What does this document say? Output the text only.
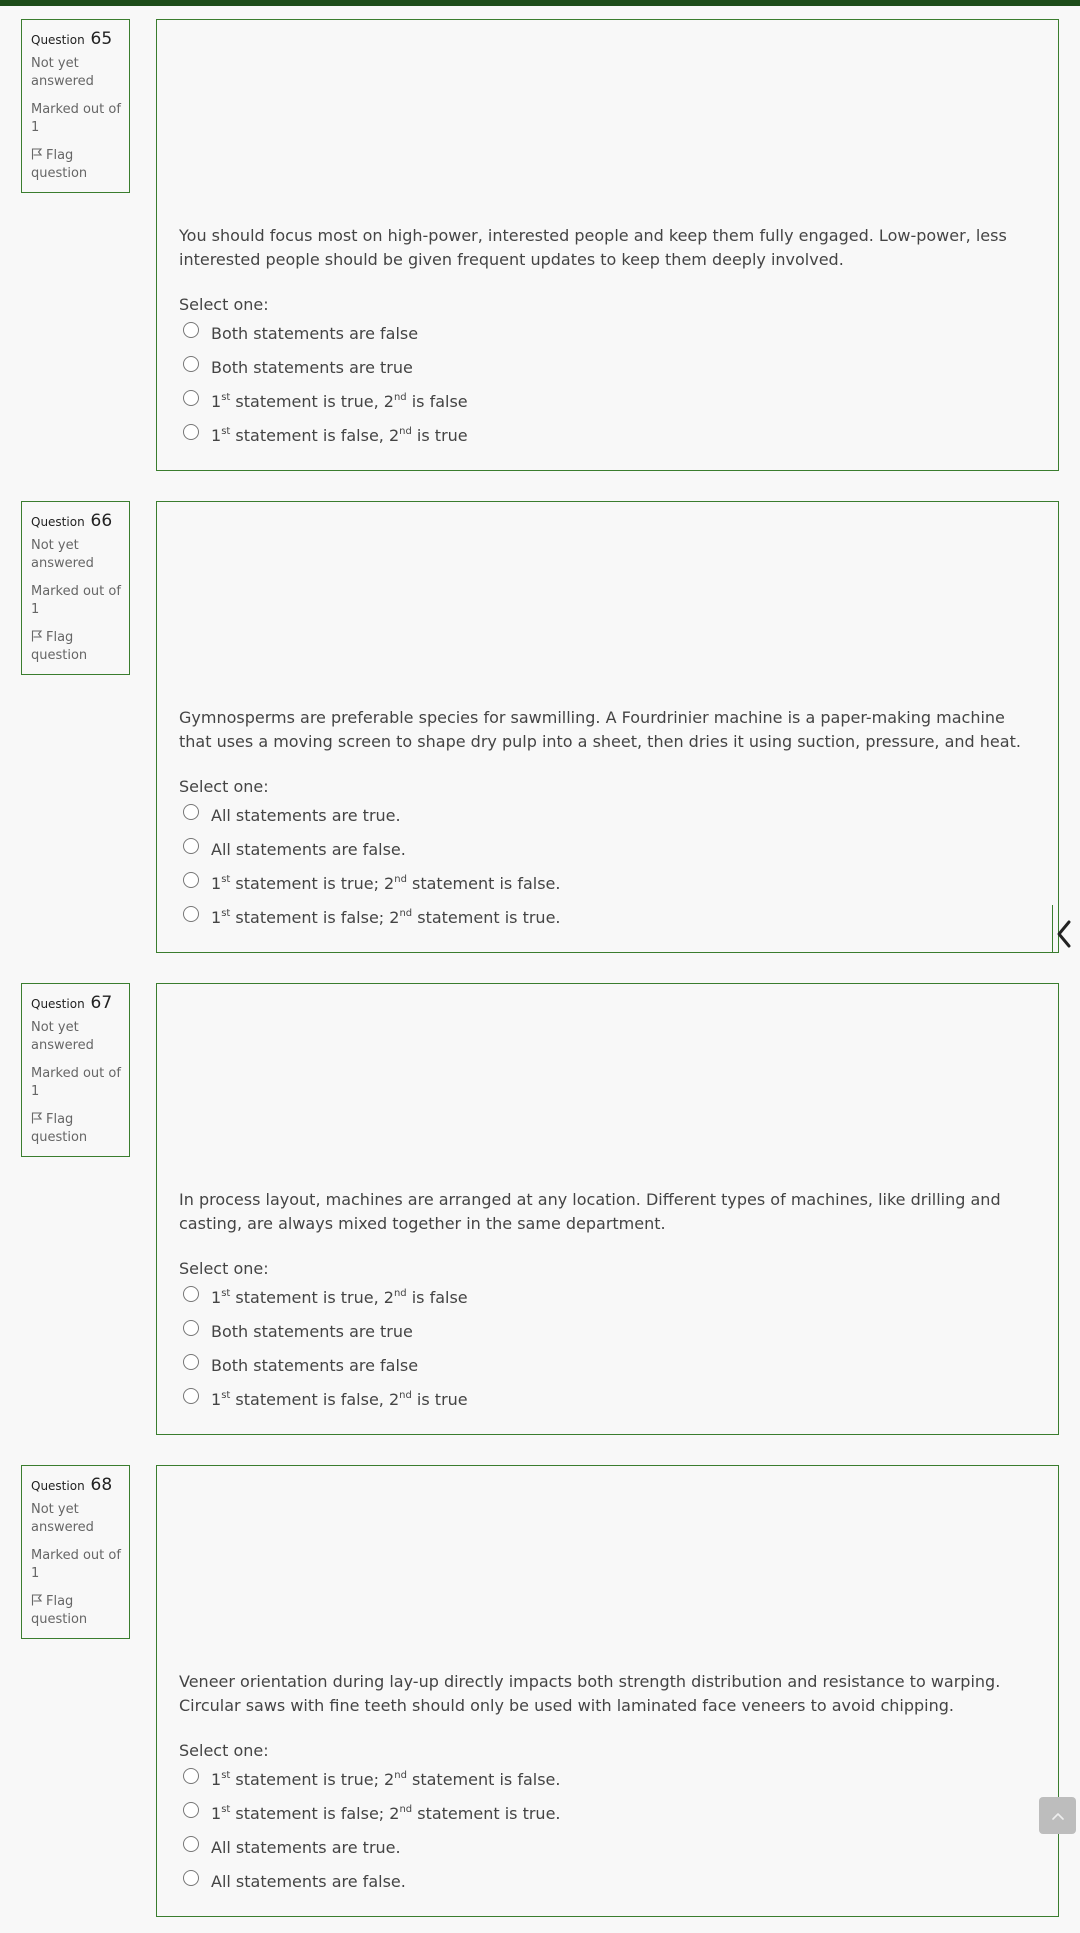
Question 65
Not yet answered
Marked out of 1
Flag question
You should focus most on high-power, interested people and keep them fully engaged. Low-power, less interested people should be given frequent updates to keep them deeply involved.
Select one:
Both statements are false
Both statements are true
1st statement is true, 2nd is false
1st statement is false, 2nd is true
Question 66
Not yet answered
Marked out of 1
Flag question
Gymnosperms are preferable species for sawmilling. A Fourdrinier machine is a paper-making machine that uses a moving screen to shape dry pulp into a sheet, then dries it using suction, pressure, and heat.
Select one:
All statements are true.
All statements are false.
1st statement is true; 2nd statement is false.
1st statement is false; 2nd statement is true.
Question 67
Not yet answered
Marked out of 1
Flag question
In process layout, machines are arranged at any location. Different types of machines, like drilling and casting, are always mixed together in the same department.
Select one:
1st statement is true, 2nd is false
Both statements are true
Both statements are false
1st statement is false, 2nd is true
Question 68
Not yet answered
Marked out of 1
Flag question
Veneer orientation during lay-up directly impacts both strength distribution and resistance to warping. Circular saws with fine teeth should only be used with laminated face veneers to avoid chipping.
Select one:
1st statement is true; 2nd statement is false.
1st statement is false; 2nd statement is true.
All statements are true.
All statements are false.
